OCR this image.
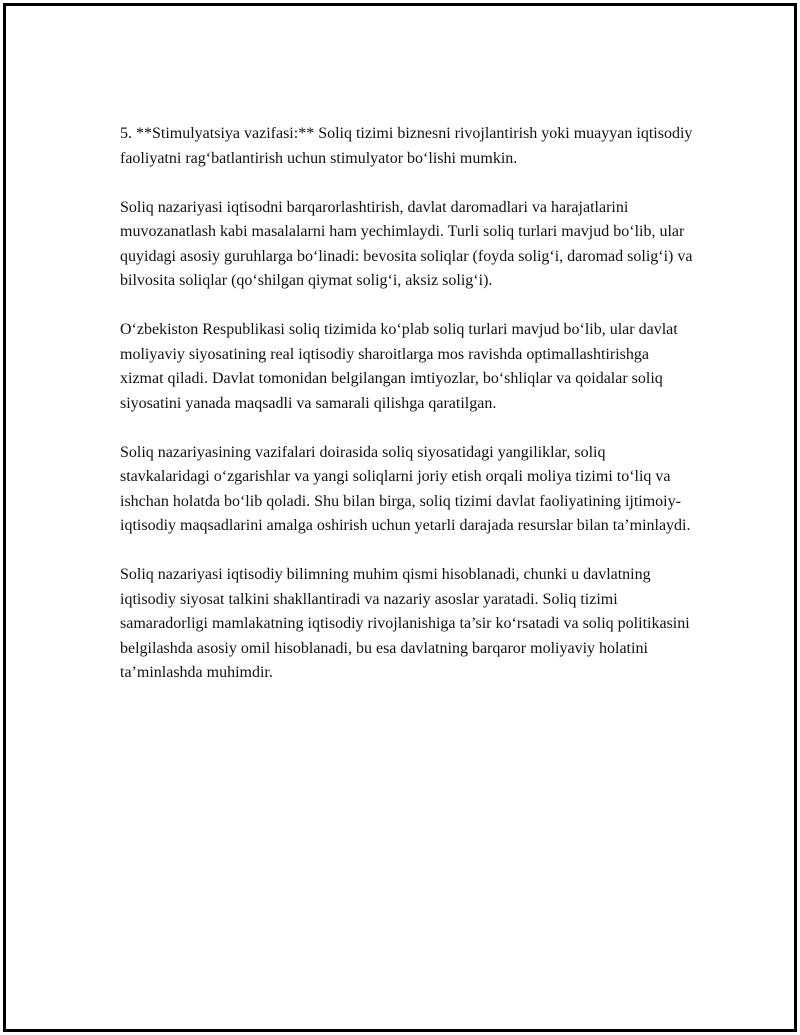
5. **Stimulyatsiya vazifasi:** Soliq tizimi biznesni rivojlantirish yoki muayyan iqtisodiy faoliyatni rag‘batlantirish uchun stimulyator bo‘lishi mumkin.

Soliq nazariyasi iqtisodni barqarorlashtirish, davlat daromadlari va harajatlarini muvozanatlash kabi masalalarni ham yechimlaydi. Turli soliq turlari mavjud bo‘lib, ular quyidagi asosiy guruhlarga bo‘linadi: bevosita soliqlar (foyda solig‘i, daromad solig‘i) va bilvosita soliqlar (qo‘shilgan qiymat solig‘i, aksiz solig‘i).

O‘zbekiston Respublikasi soliq tizimida ko‘plab soliq turlari mavjud bo‘lib, ular davlat moliyaviy siyosatining real iqtisodiy sharoitlarga mos ravishda optimallashtirishga xizmat qiladi. Davlat tomonidan belgilangan imtiyozlar, bo‘shliqlar va qoidalar soliq siyosatini yanada maqsadli va samarali qilishga qaratilgan.

Soliq nazariyasining vazifalari doirasida soliq siyosatidagi yangiliklar, soliq stavkalaridagi o‘zgarishlar va yangi soliqlarni joriy etish orqali moliya tizimi to‘liq va ishchan holatda bo‘lib qoladi. Shu bilan birga, soliq tizimi davlat faoliyatining ijtimoiy-iqtisodiy maqsadlarini amalga oshirish uchun yetarli darajada resurslar bilan ta’minlaydi.

Soliq nazariyasi iqtisodiy bilimning muhim qismi hisoblanadi, chunki u davlatning iqtisodiy siyosat talkini shakllantiradi va nazariy asoslar yaratadi. Soliq tizimi samaradorligi mamlakatning iqtisodiy rivojlanishiga ta’sir ko‘rsatadi va soliq politikasini belgilashda asosiy omil hisoblanadi, bu esa davlatning barqaror moliyaviy holatini ta’minlashda muhimdir.
